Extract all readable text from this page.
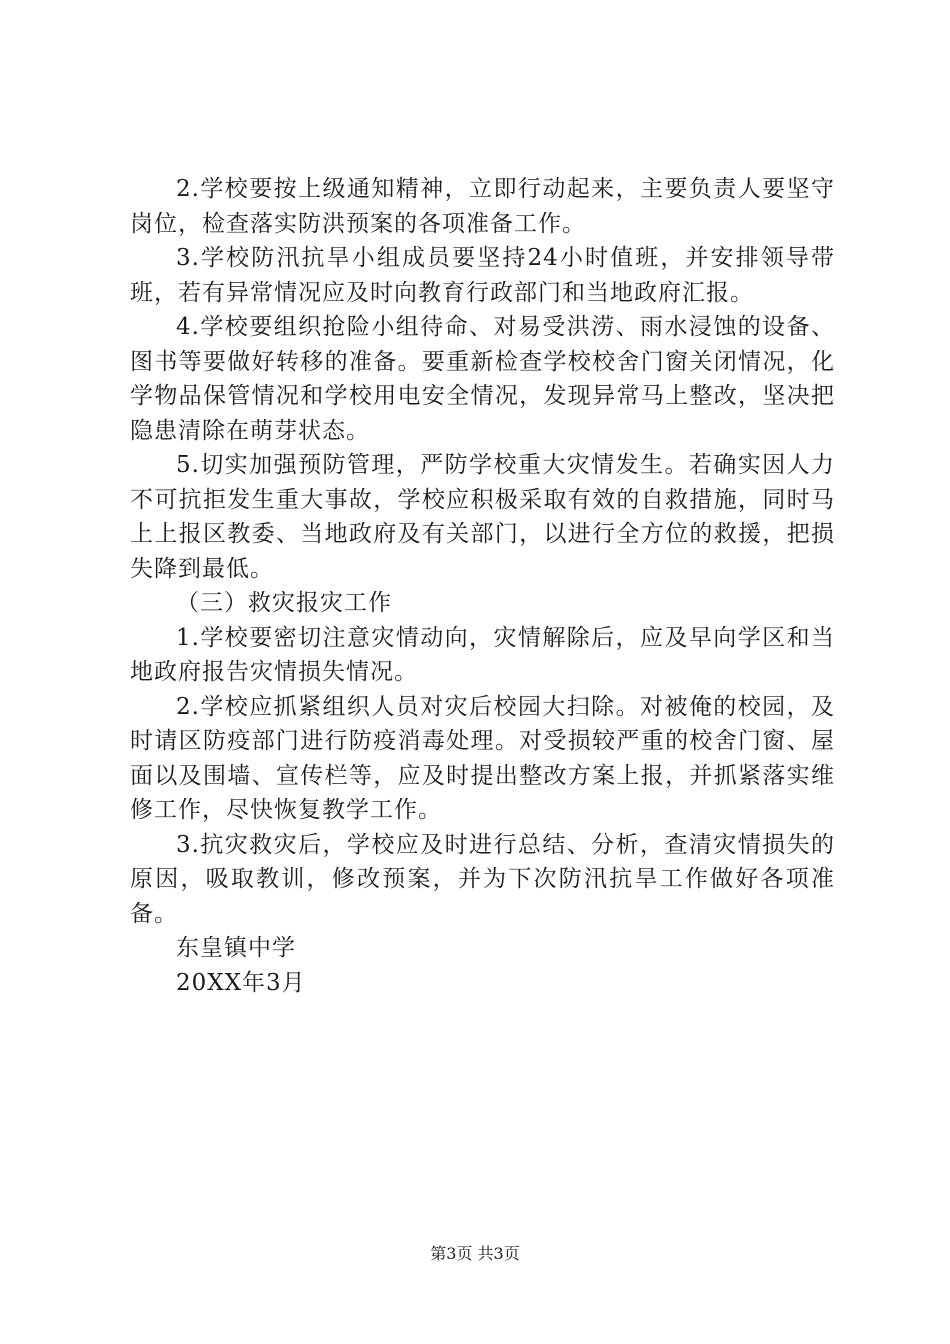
2.学校要按上级通知精神，立即行动起来，主要负责人要坚守岗位，检查落实防洪预案的各项准备工作。

3.学校防汛抗旱小组成员要坚持24小时值班，并安排领导带班，若有异常情况应及时向教育行政部门和当地政府汇报。

4.学校要组织抢险小组待命、对易受洪涝、雨水浸蚀的设备、图书等要做好转移的准备。要重新检查学校校舍门窗关闭情况，化学物品保管情况和学校用电安全情况，发现异常马上整改，坚决把隐患清除在萌芽状态。

5.切实加强预防管理，严防学校重大灾情发生。若确实因人力不可抗拒发生重大事故，学校应积极采取有效的自救措施，同时马上上报区教委、当地政府及有关部门，以进行全方位的救援，把损失降到最低。

（三）救灾报灾工作

1.学校要密切注意灾情动向，灾情解除后，应及早向学区和当地政府报告灾情损失情况。

2.学校应抓紧组织人员对灾后校园大扫除。对被俺的校园，及时请区防疫部门进行防疫消毒处理。对受损较严重的校舍门窗、屋面以及围墙、宣传栏等，应及时提出整改方案上报，并抓紧落实维修工作，尽快恢复教学工作。

3.抗灾救灾后，学校应及时进行总结、分析，查清灾情损失的原因，吸取教训，修改预案，并为下次防汛抗旱工作做好各项准备。

东皇镇中学

20XX年3月

第3页 共3页
